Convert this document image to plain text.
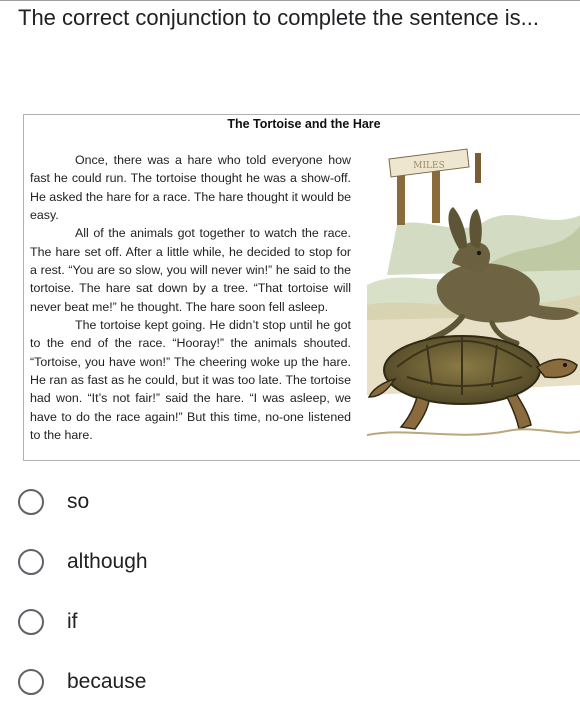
The correct conjunction to complete the sentence is...
The Tortoise and the Hare

Once, there was a hare who told everyone how fast he could run. The tortoise thought he was a show-off. He asked the hare for a race. The hare thought it would be easy.

All of the animals got together to watch the race. The hare set off. After a little while, he decided to stop for a rest. “You are so slow, you will never win!” he said to the tortoise. The hare sat down by a tree. “That tortoise will never beat me!” he thought. The hare soon fell asleep.

The tortoise kept going. He didn’t stop until he got to the end of the race. “Hooray!” the animals shouted. “Tortoise, you have won!” The cheering woke up the hare. He ran as fast as he could, but it was too late. The tortoise had won. “It’s not fair!” said the hare. “I was asleep, we have to do the race again!” But this time, no-one listened to the hare.

MILES
so
although
if
because
